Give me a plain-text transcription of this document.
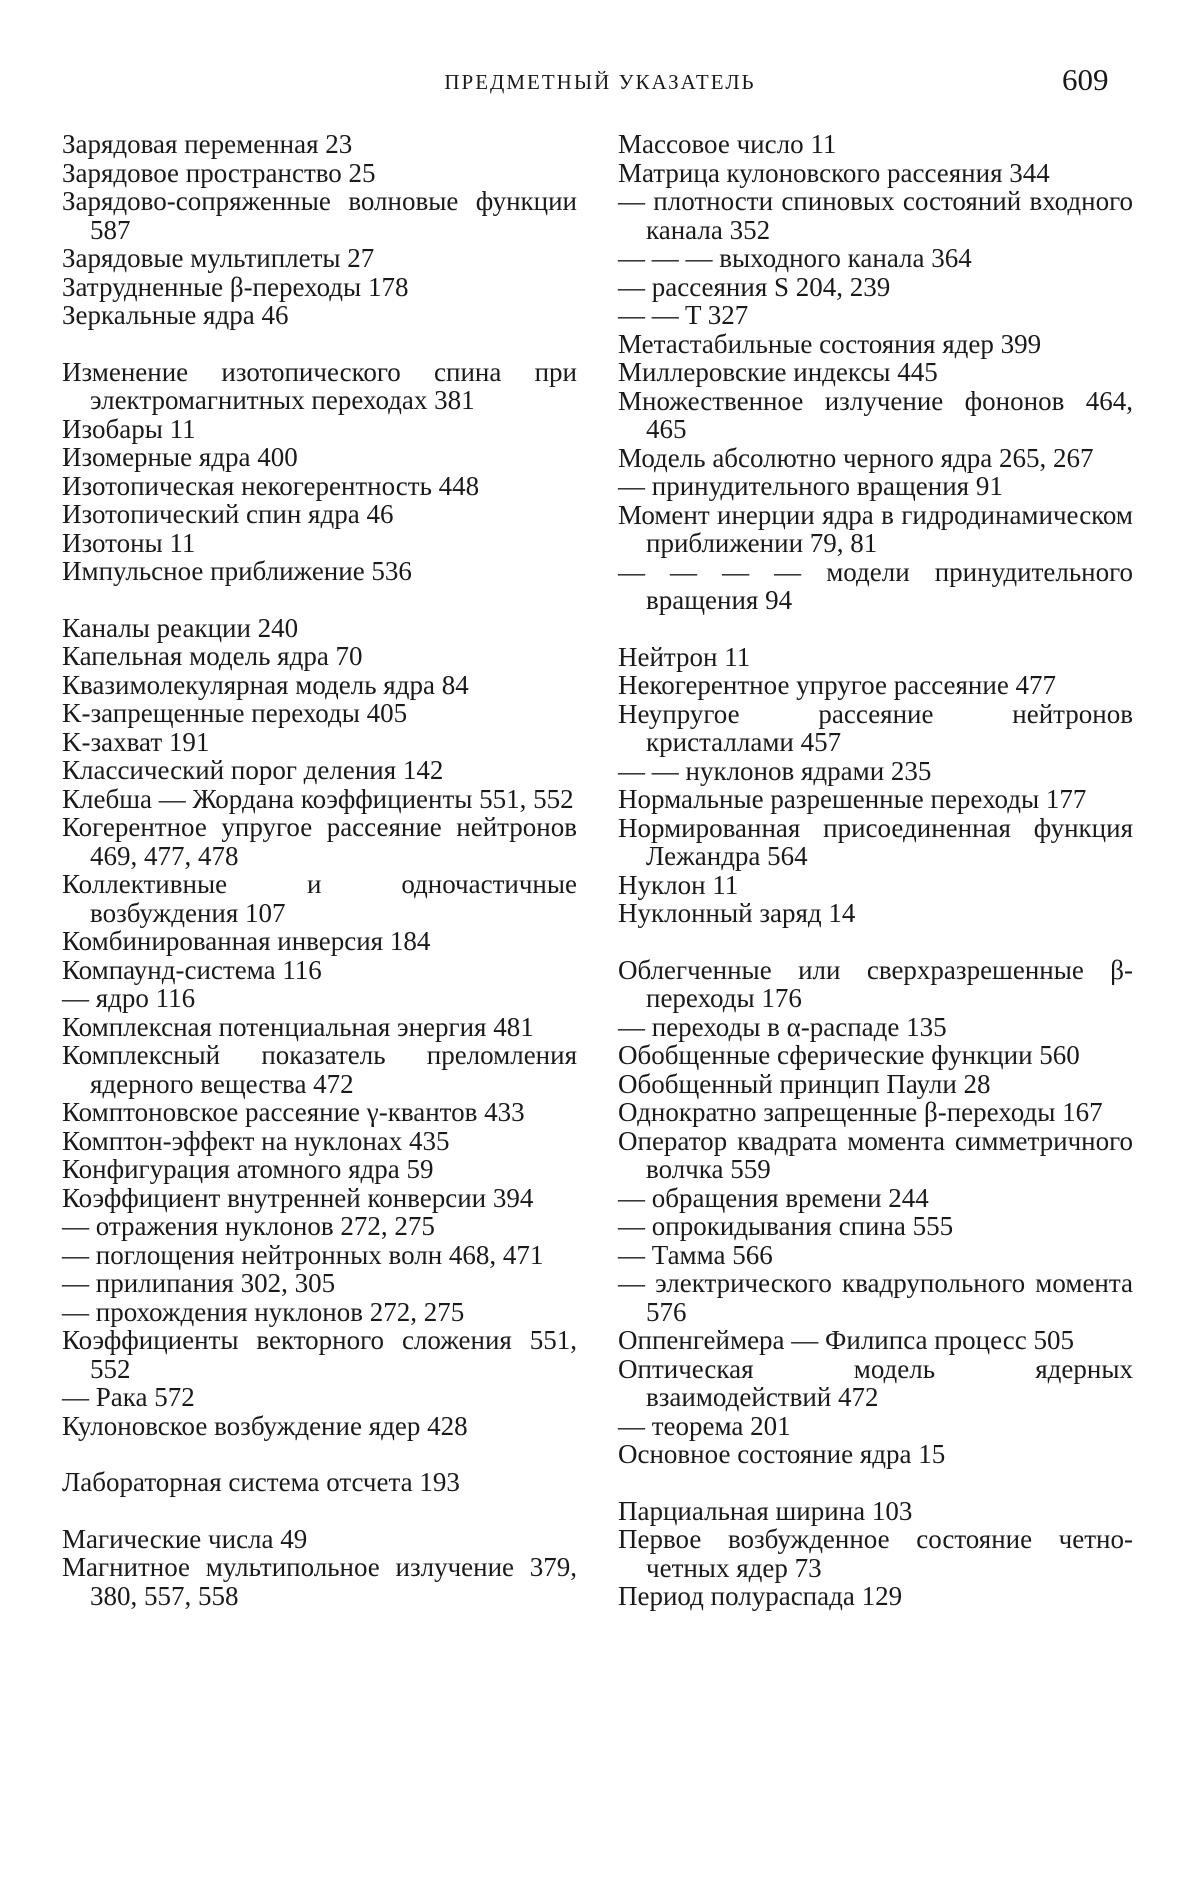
ПРЕДМЕТНЫЙ УКАЗАТЕЛЬ	609
Зарядовая переменная 23
Зарядовое пространство 25
Зарядово-сопряженные волновые функции 587
Зарядовые мультиплеты 27
Затрудненные β-переходы 178
Зеркальные ядра 46
Изменение изотопического спина при электромагнитных переходах 381
Изобары 11
Изомерные ядра 400
Изотопическая некогерентность 448
Изотопический спин ядра 46
Изотоны 11
Импульсное приближение 536
Каналы реакции 240
Капельная модель ядра 70
Квазимолекулярная модель ядра 84
K-запрещенные переходы 405
K-захват 191
Классический порог деления 142
Клебша — Жордана коэффициенты 551, 552
Когерентное упругое рассеяние нейтронов 469, 477, 478
Коллективные и одночастичные возбуждения 107
Комбинированная инверсия 184
Компаунд-система 116
— ядро 116
Комплексная потенциальная энергия 481
Комплексный показатель преломления ядерного вещества 472
Комптоновское рассеяние γ-квантов 433
Комптон-эффект на нуклонах 435
Конфигурация атомного ядра 59
Коэффициент внутренней конверсии 394
— отражения нуклонов 272, 275
— поглощения нейтронных волн 468, 471
— прилипания 302, 305
— прохождения нуклонов 272, 275
Коэффициенты векторного сложения 551, 552
— Рака 572
Кулоновское возбуждение ядер 428
Лабораторная система отсчета 193
Магические числа 49
Магнитное мультипольное излучение 379, 380, 557, 558
Массовое число 11
Матрица кулоновского рассеяния 344
— плотности спиновых состояний входного канала 352
— — — выходного канала 364
— рассеяния S 204, 239
— — T 327
Метастабильные состояния ядер 399
Миллеровские индексы 445
Множественное излучение фононов 464, 465
Модель абсолютно черного ядра 265, 267
— принудительного вращения 91
Момент инерции ядра в гидродинамическом приближении 79, 81
— — — — модели принудительного вращения 94
Нейтрон 11
Некогерентное упругое рассеяние 477
Неупругое рассеяние нейтронов кристаллами 457
— — нуклонов ядрами 235
Нормальные разрешенные переходы 177
Нормированная присоединенная функция Лежандра 564
Нуклон 11
Нуклонный заряд 14
Облегченные или сверхразрешенные β-переходы 176
— переходы в α-распаде 135
Обобщенные сферические функции 560
Обобщенный принцип Паули 28
Однократно запрещенные β-переходы 167
Оператор квадрата момента симметричного волчка 559
— обращения времени 244
— опрокидывания спина 555
— Тамма 566
— электрического квадрупольного момента 576
Оппенгеймера — Филипса процесс 505
Оптическая модель ядерных взаимодействий 472
— теорема 201
Основное состояние ядра 15
Парциальная ширина 103
Первое возбужденное состояние четно-четных ядер 73
Период полураспада 129
